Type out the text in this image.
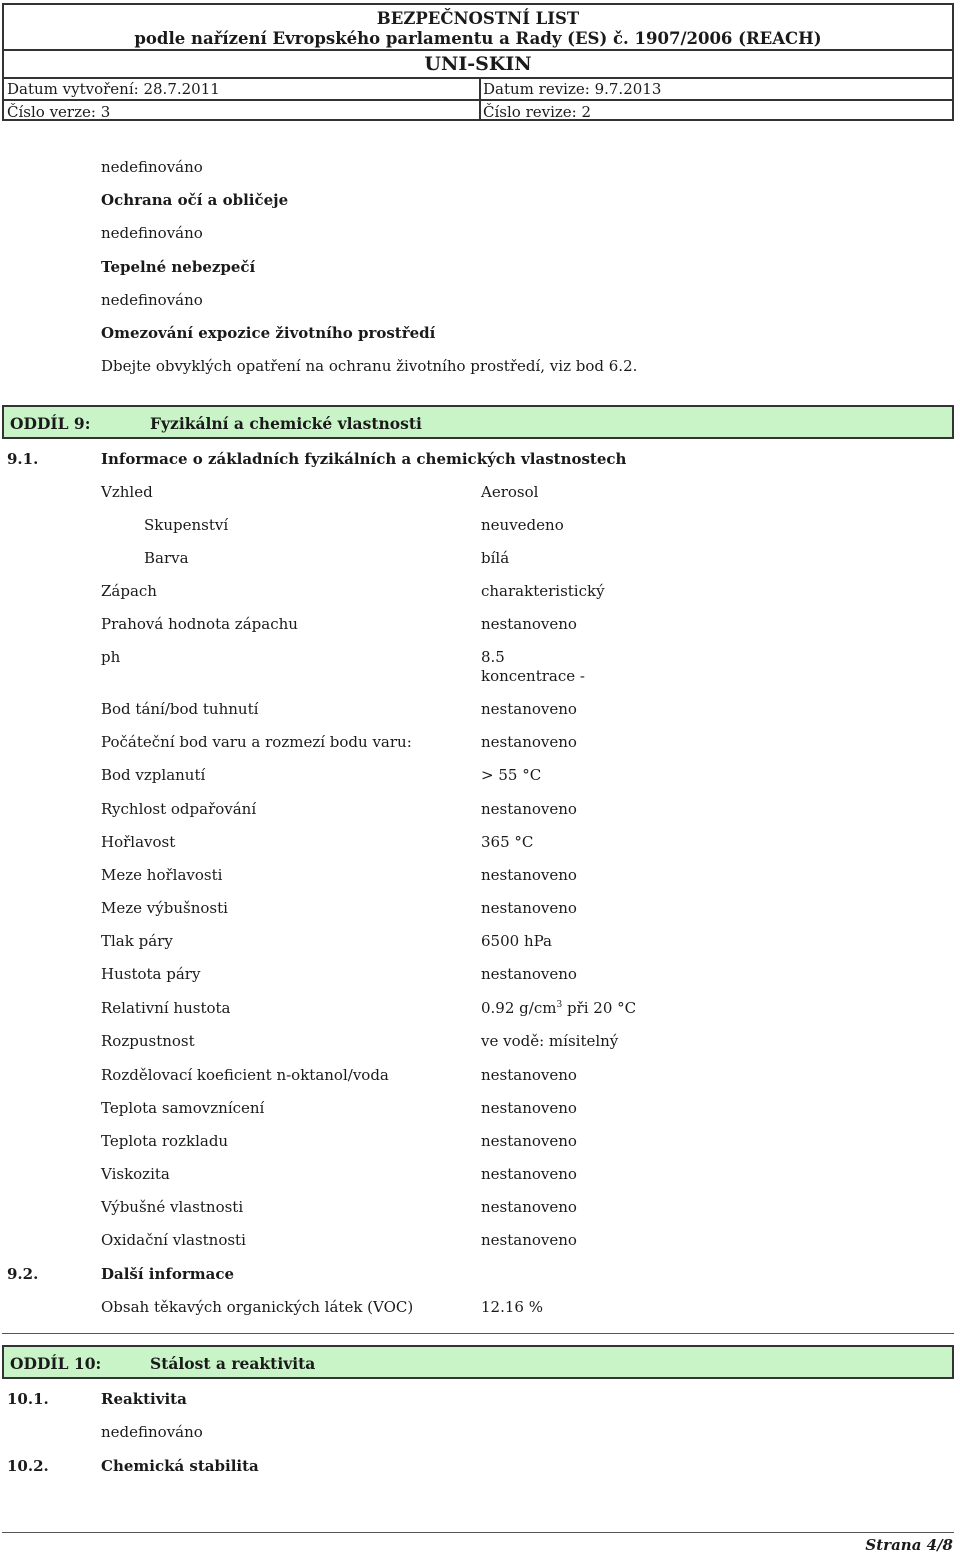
BEZPEČNOSTNÍ LIST
podle nařízení Evropského parlamentu a Rady (ES) č. 1907/2006 (REACH)
UNI-SKIN
Datum vytvoření: 28.7.2011	Datum revize: 9.7.2013
Číslo verze: 3	Číslo revize: 2
nedefinováno
Ochrana očí a obličeje
nedefinováno
Tepelné nebezpečí
nedefinováno
Omezování expozice životního prostředí
Dbejte obvyklých opatření na ochranu životního prostředí, viz bod 6.2.
ODDÍL 9:	Fyzikální a chemické vlastnosti
9.1.	Informace o základních fyzikálních a chemických vlastnostech
Vzhled	Aerosol
Skupenství	neuvedeno
Barva	bílá
Zápach	charakteristický
Prahová hodnota zápachu	nestanoveno
ph	8.5
koncentrace -
Bod tání/bod tuhnutí	nestanoveno
Počáteční bod varu a rozmezí bodu varu:	nestanoveno
Bod vzplanutí	> 55 °C
Rychlost odpařování	nestanoveno
Hořlavost	365 °C
Meze hořlavosti	nestanoveno
Meze výbušnosti	nestanoveno
Tlak páry	6500 hPa
Hustota páry	nestanoveno
Relativní hustota	0.92 $g/cm^3$ při 20 °C
Rozpustnost	ve vodě: mísitelný
Rozdělovací koeficient n-oktanol/voda	nestanoveno
Teplota samovznícení	nestanoveno
Teplota rozkladu	nestanoveno
Viskozita	nestanoveno
Výbušné vlastnosti	nestanoveno
Oxidační vlastnosti	nestanoveno
9.2.	Další informace
Obsah těkavých organických látek (VOC)	12.16 %
ODDÍL 10:	Stálost a reaktivita
10.1.	Reaktivita
nedefinováno
10.2.	Chemická stabilita
Strana 4/8
